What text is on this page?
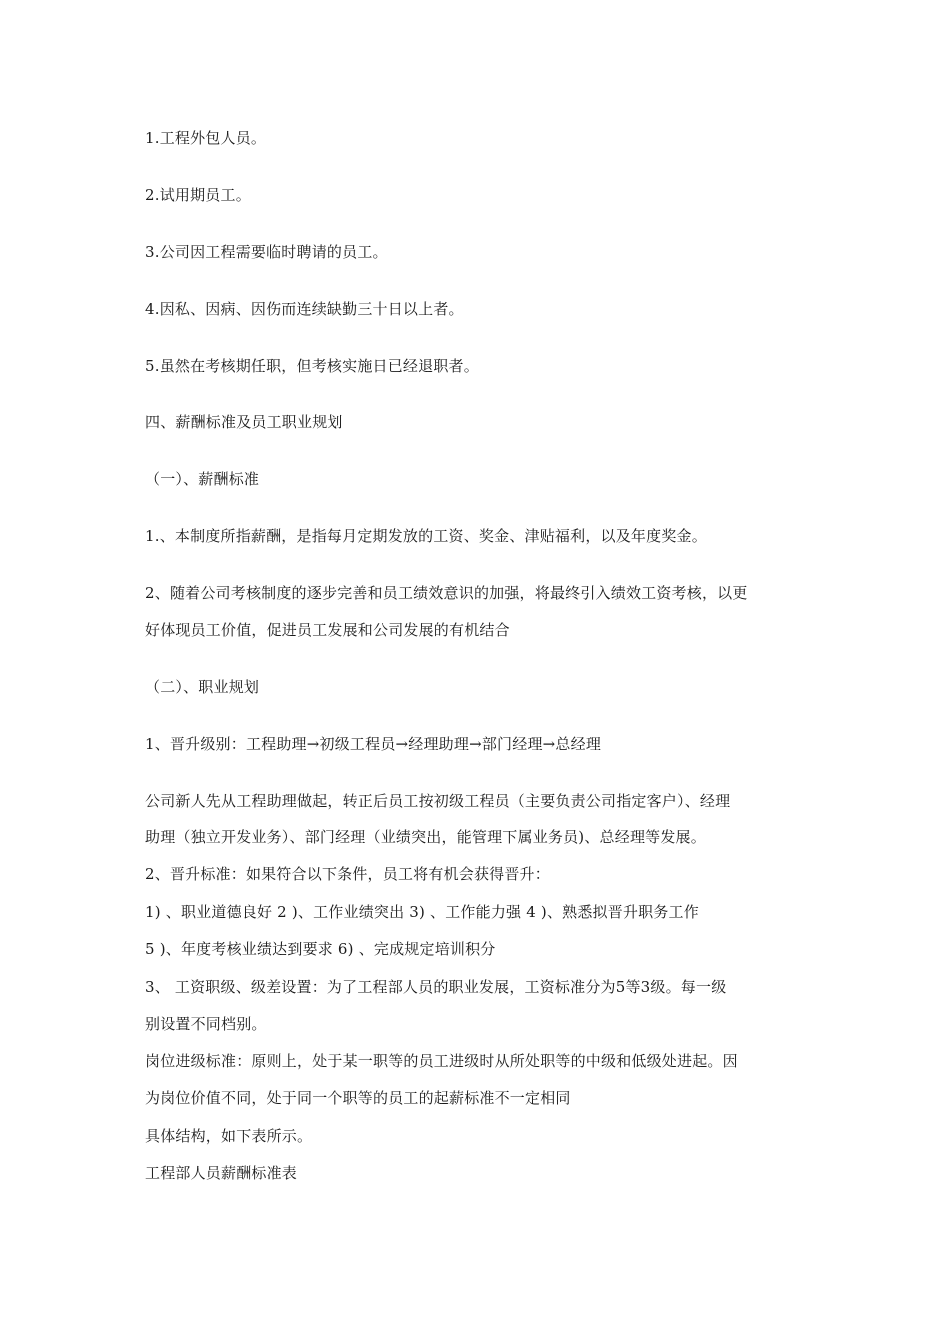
1.工程外包人员。
2.试用期员工。
3.公司因工程需要临时聘请的员工。
4.因私、因病、因伤而连续缺勤三十日以上者。
5.虽然在考核期任职，但考核实施日已经退职者。
四、薪酬标准及员工职业规划
（一）、薪酬标准
1.、本制度所指薪酬，是指每月定期发放的工资、奖金、津贴福利，以及年度奖金。
2、随着公司考核制度的逐步完善和员工绩效意识的加强，将最终引入绩效工资考核，以更
好体现员工价值，促进员工发展和公司发展的有机结合
（二）、职业规划
1、晋升级别：工程助理→初级工程员→经理助理→部门经理→总经理
公司新人先从工程助理做起，转正后员工按初级工程员（主要负责公司指定客户）、经理
助理（独立开发业务）、部门经理（业绩突出，能管理下属业务员)、总经理等发展。
2、晋升标准：如果符合以下条件，员工将有机会获得晋升：
1) 、职业道德良好 2 )、工作业绩突出 3) 、工作能力强 4 )、熟悉拟晋升职务工作
5 )、年度考核业绩达到要求 6) 、完成规定培训积分
3、 工资职级、级差设置：为了工程部人员的职业发展，工资标准分为5等3级。每一级
别设置不同档别。
岗位进级标准：原则上，处于某一职等的员工进级时从所处职等的中级和低级处进起。因
为岗位价值不同，处于同一个职等的员工的起薪标准不一定相同
具体结构，如下表所示。
工程部人员薪酬标准表
